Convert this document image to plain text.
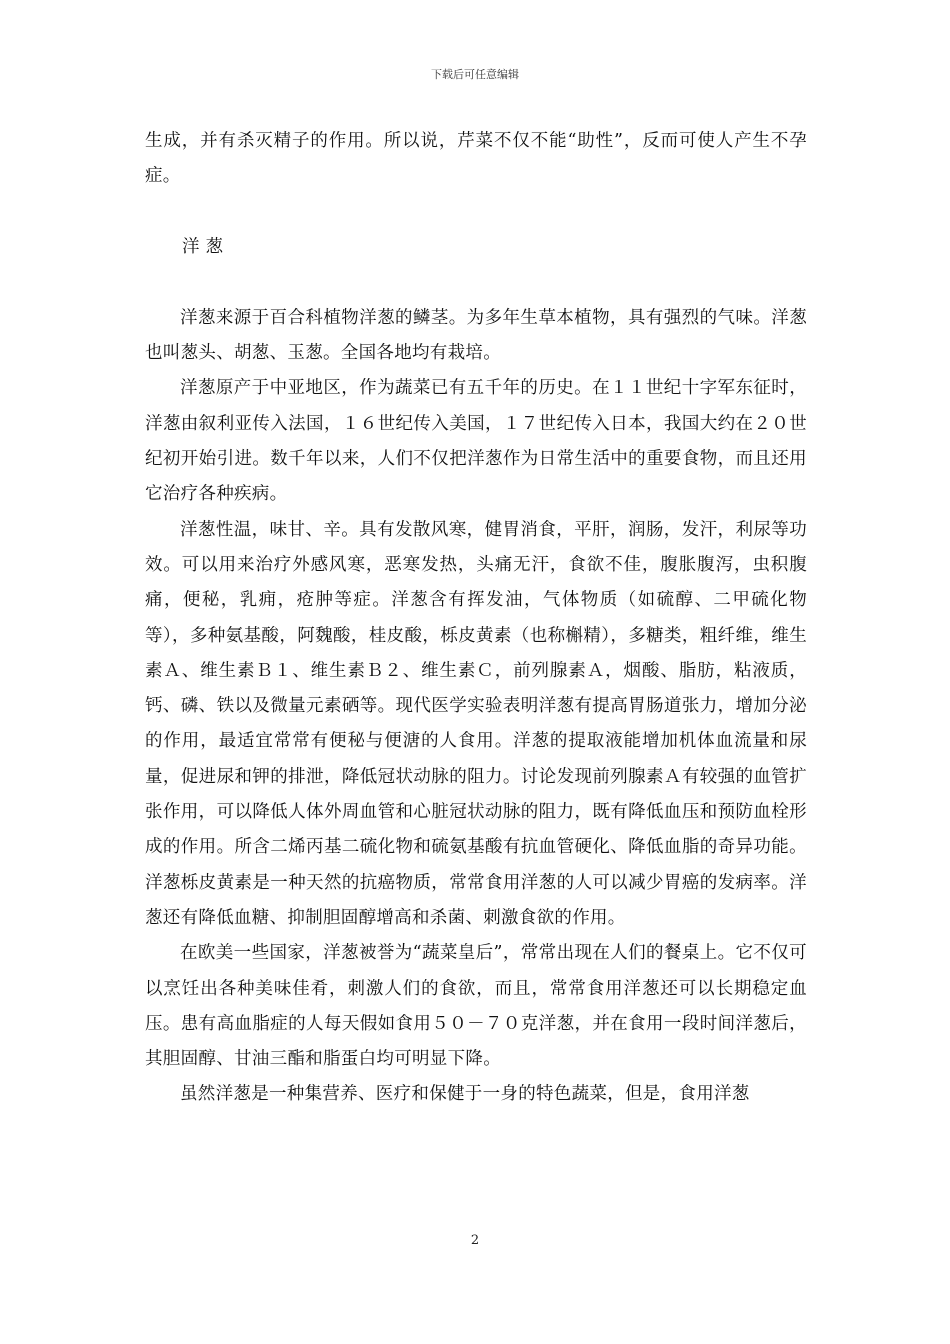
下载后可任意编辑

生成，并有杀灭精子的作用。所以说，芹菜不仅不能“助性”，反而可使人产生不孕症。

洋葱

洋葱来源于百合科植物洋葱的鳞茎。为多年生草本植物，具有强烈的气味。洋葱也叫葱头、胡葱、玉葱。全国各地均有栽培。

洋葱原产于中亚地区，作为蔬菜已有五千年的历史。在１１世纪十字军东征时，洋葱由叙利亚传入法国，１６世纪传入美国，１７世纪传入日本，我国大约在２０世纪初开始引进。数千年以来，人们不仅把洋葱作为日常生活中的重要食物，而且还用它治疗各种疾病。

洋葱性温，味甘、辛。具有发散风寒，健胃消食，平肝，润肠，发汗，利尿等功效。可以用来治疗外感风寒，恶寒发热，头痛无汗，食欲不佳，腹胀腹泻，虫积腹痛，便秘，乳痈，疮肿等症。洋葱含有挥发油，气体物质（如硫醇、二甲硫化物等），多种氨基酸，阿魏酸，桂皮酸，栎皮黄素（也称槲精），多糖类，粗纤维，维生素Ａ、维生素Ｂ１、维生素Ｂ２、维生素Ｃ，前列腺素Ａ，烟酸、脂肪，粘液质，钙、磷、铁以及微量元素硒等。现代医学实验表明洋葱有提高胃肠道张力，增加分泌的作用，最适宜常常有便秘与便溏的人食用。洋葱的提取液能增加机体血流量和尿量，促进尿和钾的排泄，降低冠状动脉的阻力。讨论发现前列腺素Ａ有较强的血管扩张作用，可以降低人体外周血管和心脏冠状动脉的阻力，既有降低血压和预防血栓形成的作用。所含二烯丙基二硫化物和硫氨基酸有抗血管硬化、降低血脂的奇异功能。洋葱栎皮黄素是一种天然的抗癌物质，常常食用洋葱的人可以减少胃癌的发病率。洋葱还有降低血糖、抑制胆固醇增高和杀菌、刺激食欲的作用。

在欧美一些国家，洋葱被誉为“蔬菜皇后”，常常出现在人们的餐桌上。它不仅可以烹饪出各种美味佳肴，刺激人们的食欲，而且，常常食用洋葱还可以长期稳定血压。患有高血脂症的人每天假如食用５０－７０克洋葱，并在食用一段时间洋葱后，其胆固醇、甘油三酯和脂蛋白均可明显下降。

虽然洋葱是一种集营养、医疗和保健于一身的特色蔬菜，但是，食用洋葱

2
